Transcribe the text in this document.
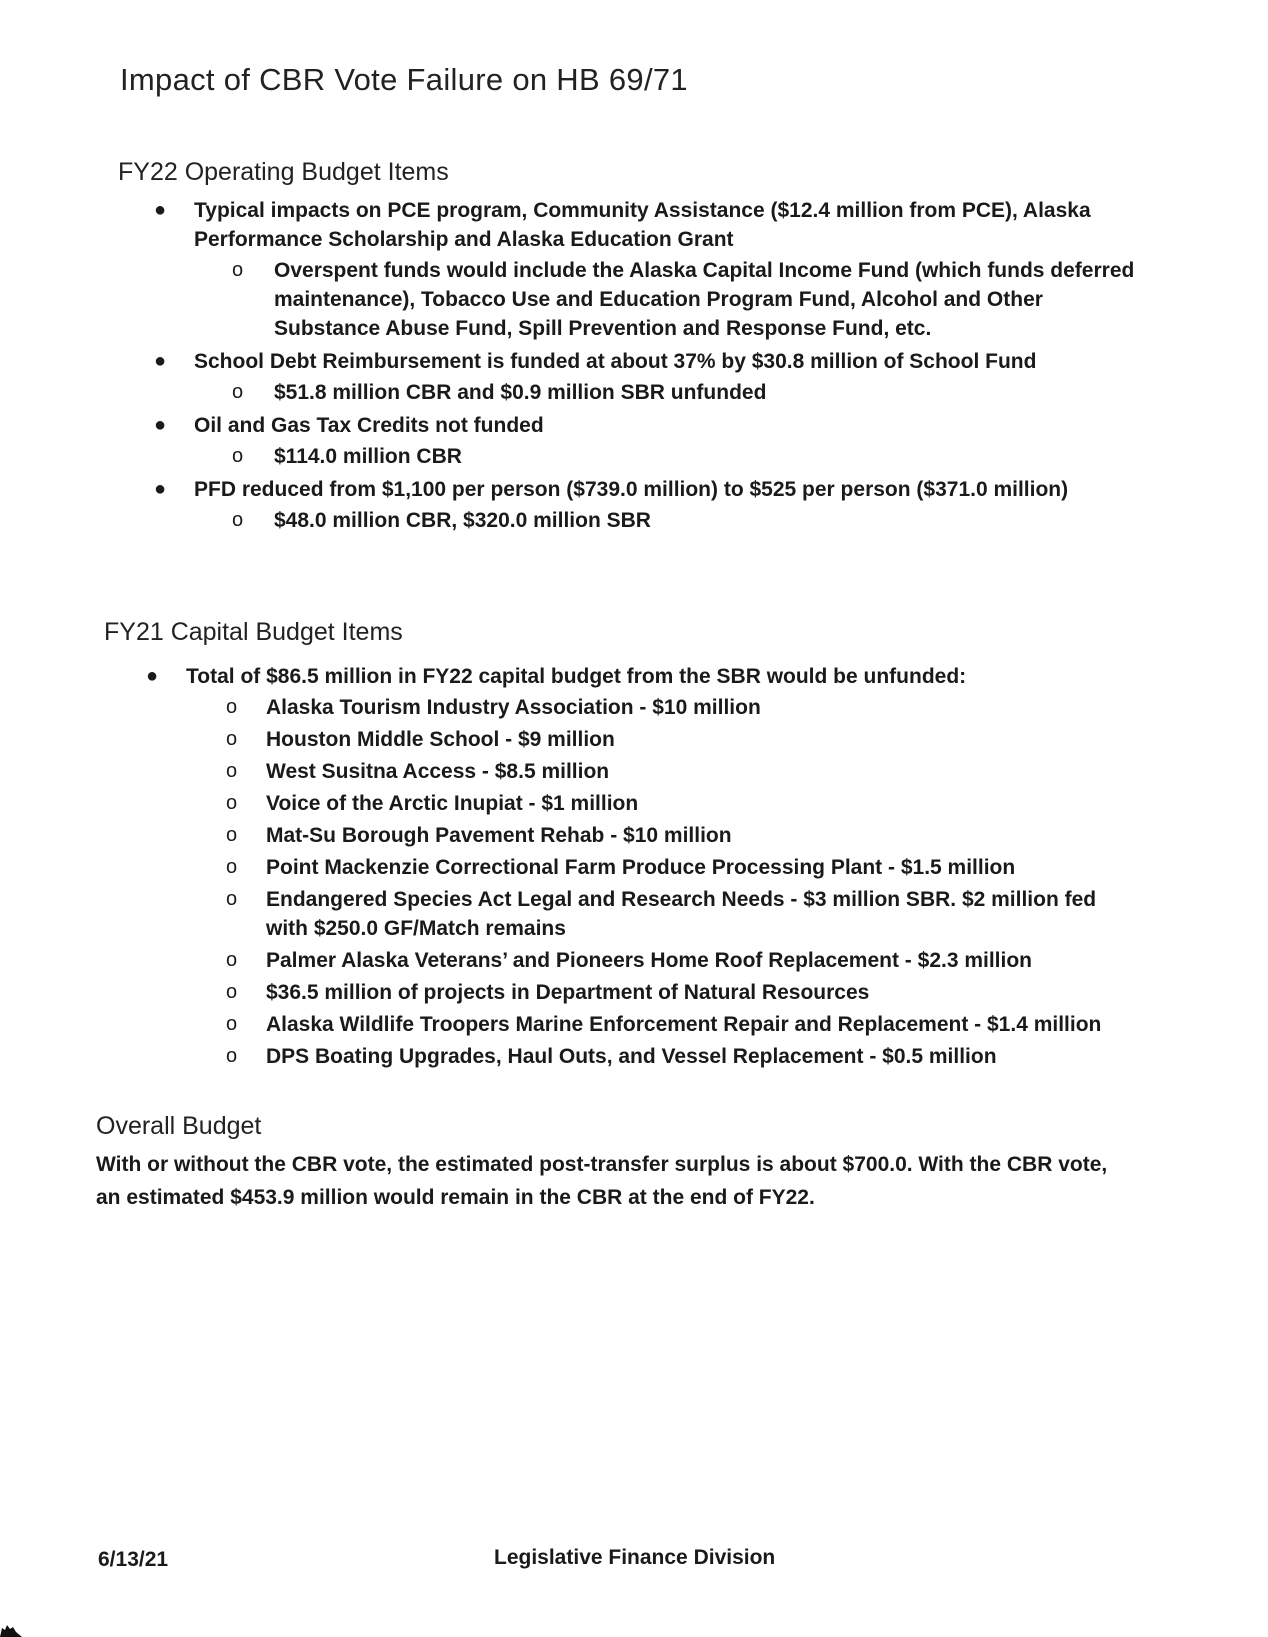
Impact of CBR Vote Failure on HB 69/71
FY22 Operating Budget Items
● Typical impacts on PCE program, Community Assistance ($12.4 million from PCE), Alaska Performance Scholarship and Alaska Education Grant
o Overspent funds would include the Alaska Capital Income Fund (which funds deferred maintenance), Tobacco Use and Education Program Fund, Alcohol and Other Substance Abuse Fund, Spill Prevention and Response Fund, etc.
● School Debt Reimbursement is funded at about 37% by $30.8 million of School Fund
o $51.8 million CBR and $0.9 million SBR unfunded
● Oil and Gas Tax Credits not funded
o $114.0 million CBR
● PFD reduced from $1,100 per person ($739.0 million) to $525 per person ($371.0 million)
o $48.0 million CBR, $320.0 million SBR
FY21 Capital Budget Items
● Total of $86.5 million in FY22 capital budget from the SBR would be unfunded:
o Alaska Tourism Industry Association - $10 million
o Houston Middle School - $9 million
o West Susitna Access - $8.5 million
o Voice of the Arctic Inupiat - $1 million
o Mat-Su Borough Pavement Rehab - $10 million
o Point Mackenzie Correctional Farm Produce Processing Plant - $1.5 million
o Endangered Species Act Legal and Research Needs - $3 million SBR. $2 million fed with $250.0 GF/Match remains
o Palmer Alaska Veterans’ and Pioneers Home Roof Replacement - $2.3 million
o $36.5 million of projects in Department of Natural Resources
o Alaska Wildlife Troopers Marine Enforcement Repair and Replacement - $1.4 million
o DPS Boating Upgrades, Haul Outs, and Vessel Replacement - $0.5 million
Overall Budget
With or without the CBR vote, the estimated post-transfer surplus is about $700.0. With the CBR vote, an estimated $453.9 million would remain in the CBR at the end of FY22.
6/13/21	Legislative Finance Division
